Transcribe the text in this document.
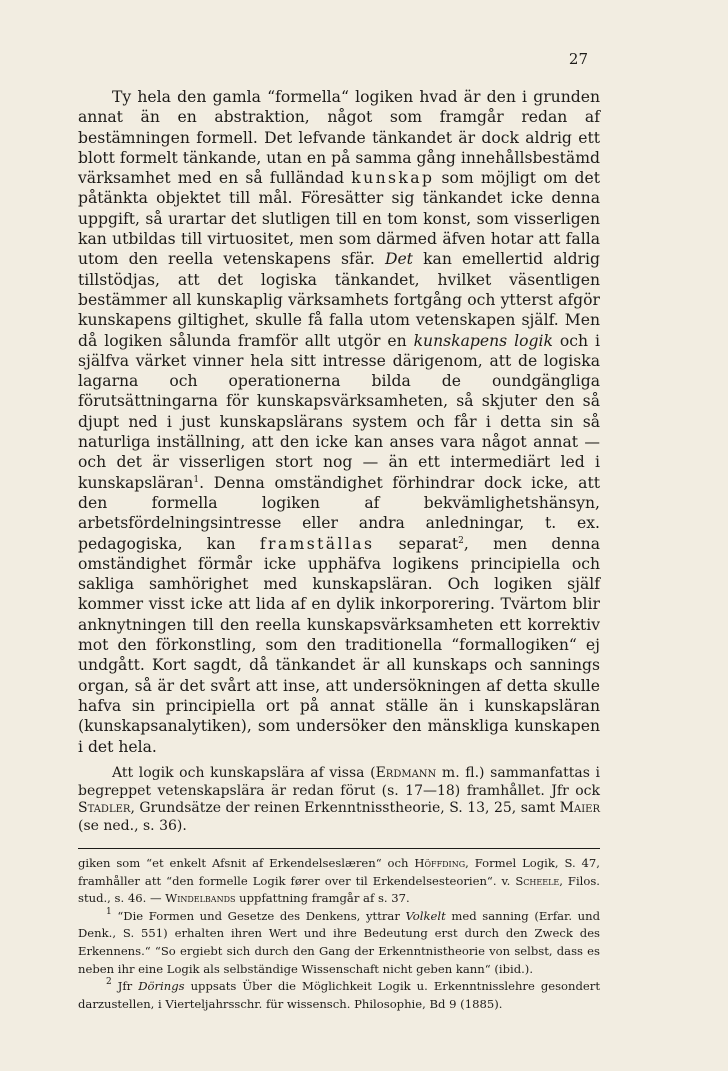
27

Ty hela den gamla “formella“ logiken hvad är den i grunden annat än en abstraktion, något som framgår redan af bestämningen formell. Det lefvande tänkandet är dock aldrig ett blott formelt tänkande, utan en på samma gång innehållsbestämd värksamhet med en så fulländad kunskap som möjligt om det påtänkta objektet till mål. Föresätter sig tänkandet icke denna uppgift, så urartar det slutligen till en tom konst, som visserligen kan utbildas till virtuositet, men som därmed äfven hotar att falla utom den reella vetenskapens sfär. Det kan emellertid aldrig tillstödjas, att det logiska tänkandet, hvilket väsentligen bestämmer all kunskaplig värksamhets fortgång och ytterst afgör kunskapens giltighet, skulle få falla utom vetenskapen själf. Men då logiken sålunda framför allt utgör en kunskapens logik och i själfva värket vinner hela sitt intresse därigenom, att de logiska lagarna och operationerna bilda de oundgängliga förutsättningarna för kunskapsvärksamheten, så skjuter den så djupt ned i just kunskapslärans system och får i detta sin så naturliga inställning, att den icke kan anses vara något annat — och det är visserligen stort nog — än ett intermediärt led i kunskapsläran$^1$. Denna omständighet förhindrar dock icke, att den formella logiken af bekvämlighetshänsyn, arbetsfördelningsintresse eller andra anledningar, t. ex. pedagogiska, kan framställas separat$^2$, men denna omständighet förmår icke upphäfva logikens principiella och sakliga samhörighet med kunskapsläran. Och logiken själf kommer visst icke att lida af en dylik inkorporering. Tvärtom blir anknytningen till den reella kunskapsvärksamheten ett korrektiv mot den förkonstling, som den traditionella “formallogiken“ ej undgått. Kort sagdt, då tänkandet är all kunskaps och sannings organ, så är det svårt att inse, att undersökningen af detta skulle hafva sin principiella ort på annat ställe än i kunskapsläran (kunskapsanalytiken), som undersöker den mänskliga kunskapen i det hela.

Att logik och kunskapslära af vissa (Erdmann m. fl.) sammanfattas i begreppet vetenskapslära är redan förut (s. 17—18) framhållet. Jfr ock Stadler, Grundsätze der reinen Erkenntnisstheorie, S. 13, 25, samt Maier (se ned., s. 36).

giken som “et enkelt Afsnit af Erkendelseslæren“ och Höffding, Formel Logik, S. 47, framhåller att “den formelle Logik fører over til Erkendelsesteorien“. v. Scheele, Filos. stud., s. 46. — Windelbands uppfattning framgår af s. 37.

$^1$ “Die Formen und Gesetze des Denkens, yttrar Volkelt med sanning (Erfar. und Denk., S. 551) erhalten ihren Wert und ihre Bedeutung erst durch den Zweck des Erkennens.“ “So ergiebt sich durch den Gang der Erkenntnistheorie von selbst, dass es neben ihr eine Logik als selbständige Wissenschaft nicht geben kann“ (ibid.).

$^2$ Jfr Dörings uppsats Über die Möglichkeit Logik u. Erkenntnisslehre gesondert darzustellen, i Vierteljahrsschr. für wissensch. Philosophie, Bd 9 (1885).
